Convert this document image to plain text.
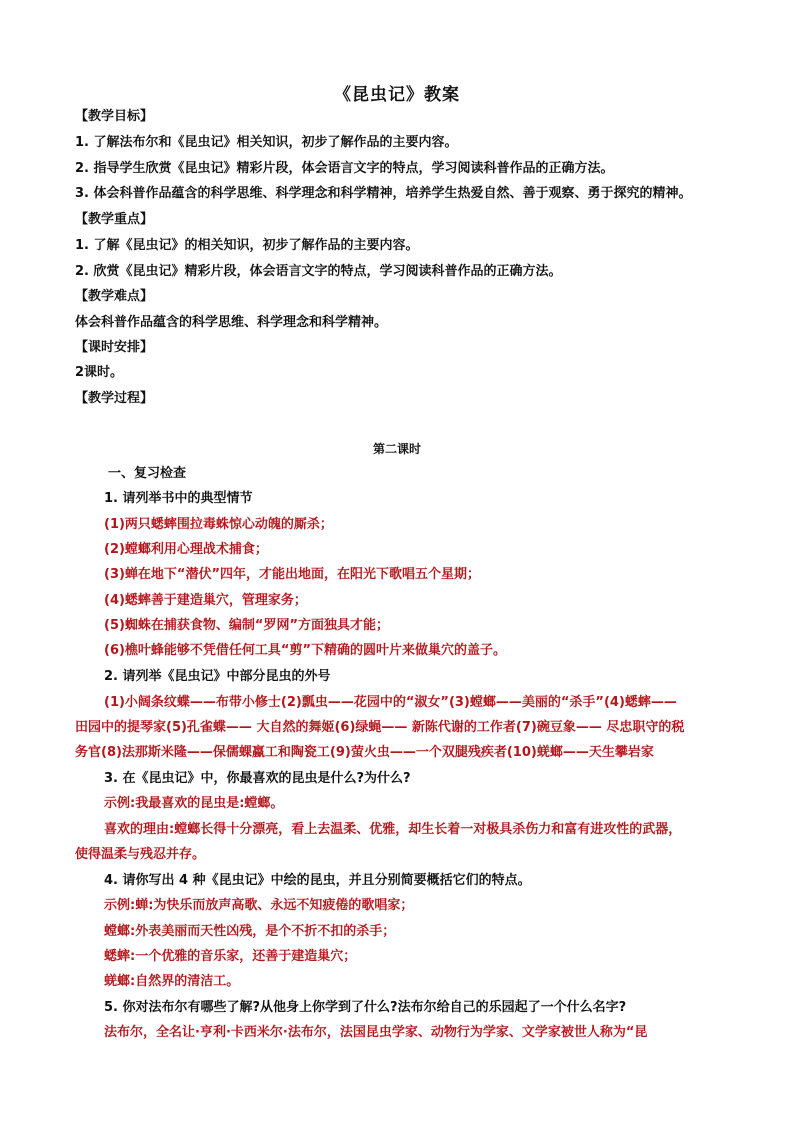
《昆虫记》教案
【教学目标】
1. 了解法布尔和《昆虫记》相关知识，初步了解作品的主要内容。
2. 指导学生欣赏《昆虫记》精彩片段，体会语言文字的特点，学习阅读科普作品的正确方法。
3. 体会科普作品蕴含的科学思维、科学理念和科学精神，培养学生热爱自然、善于观察、勇于探究的精神。
【教学重点】
1. 了解《昆虫记》的相关知识，初步了解作品的主要内容。
2. 欣赏《昆虫记》精彩片段，体会语言文字的特点，学习阅读科普作品的正确方法。
【教学难点】
体会科普作品蕴含的科学思维、科学理念和科学精神。
【课时安排】
2课时。
【教学过程】
第二课时
一、复习检查
1. 请列举书中的典型情节
(1)两只蟋蟀围拉毒蛛惊心动魄的厮杀；
(2)螳螂利用心理战术捕食；
(3)蝉在地下“潜伏”四年，才能出地面，在阳光下歌唱五个星期；
(4)蟋蟀善于建造巢穴，管理家务；
(5)蜘蛛在捕获食物、编制“罗网”方面独具才能；
(6)樵叶蜂能够不凭借任何工具“剪”下精确的圆叶片来做巢穴的盖子。
2. 请列举《昆虫记》中部分昆虫的外号
(1)小阔条纹蝶——布带小修士(2)瓢虫——花园中的“淑女”(3)螳螂——美丽的“杀手”(4)蟋蟀——
田园中的提琴家(5)孔雀蝶—— 大自然的舞姬(6)绿蝇—— 新陈代谢的工作者(7)碗豆象—— 尽忠职守的税
务官(8)法那斯米隆——保儒蜾蠃工和陶瓷工(9)萤火虫——一个双腿残疾者(10)蜣螂——天生攀岩家
3. 在《昆虫记》中，你最喜欢的昆虫是什么?为什么?
示例:我最喜欢的昆虫是:螳螂。
喜欢的理由:螳螂长得十分漂亮，看上去温柔、优雅，却生长着一对极具杀伤力和富有进攻性的武器，
使得温柔与残忍并存。
4. 请你写出 4 种《昆虫记》中绘的昆虫，并且分别简要概括它们的特点。
示例:蝉:为快乐而放声高歌、永远不知疲倦的歌唱家；
螳螂:外表美丽而天性凶残，是个不折不扣的杀手；
蟋蟀:一个优雅的音乐家，还善于建造巢穴；
蜣螂:自然界的清洁工。
5. 你对法布尔有哪些了解?从他身上你学到了什么?法布尔给自己的乐园起了一个什么名字?
法布尔，全名让·亨利·卡西米尔·法布尔，法国昆虫学家、动物行为学家、文学家被世人称为“昆
